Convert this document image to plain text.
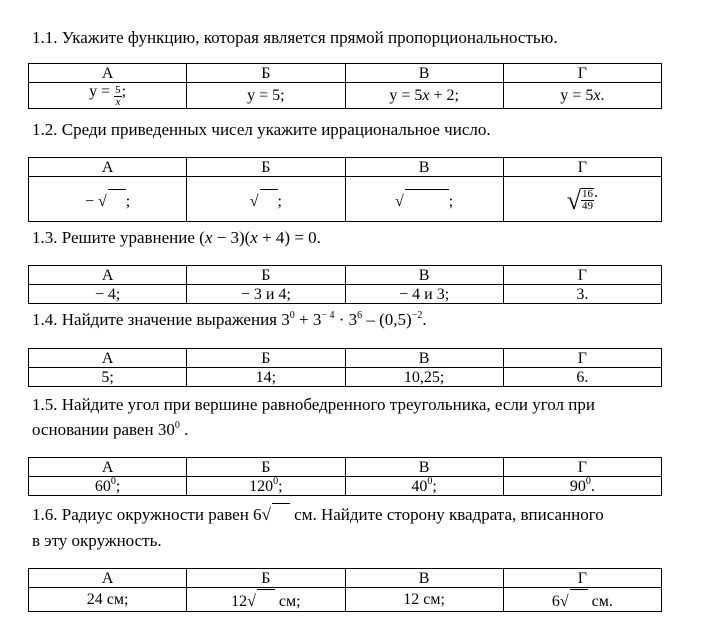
1.1. Укажите функцию, которая является прямой пропорциональностью.
А	Б	В	Г
$y = \frac{5}{x}$ ;	y = 5;	y = 5x + 2;	y = 5x.
1.2. Среди приведенных чисел укажите иррациональное число.
А	Б	В	Г
− √ ;	√ ;	√ ;	√ $\frac{16}{49}$ .
1.3. Решите уравнение (x − 3)(x + 4) = 0.
А	Б	В	Г
− 4;	− 3 и 4;	− 4 и 3;	3.
1.4. Найдите значение выражения $3^0 + 3^{- 4} \cdot 3^6 - (0,5)^{-2}$.
А	Б	В	Г
5;	14;	10,25;	6.
1.5. Найдите угол при вершине равнобедренного треугольника, если угол при
основании равен $30^0$ .
А	Б	В	Г
$60^0$;	$120^0$;	$40^0$;	$90^0$.
1.6. Радиус окружности равен 6√ см. Найдите сторону квадрата, вписанного
в эту окружность.
А	Б	В	Г
24 см;	12√ см;	12 см;	6√ см.
